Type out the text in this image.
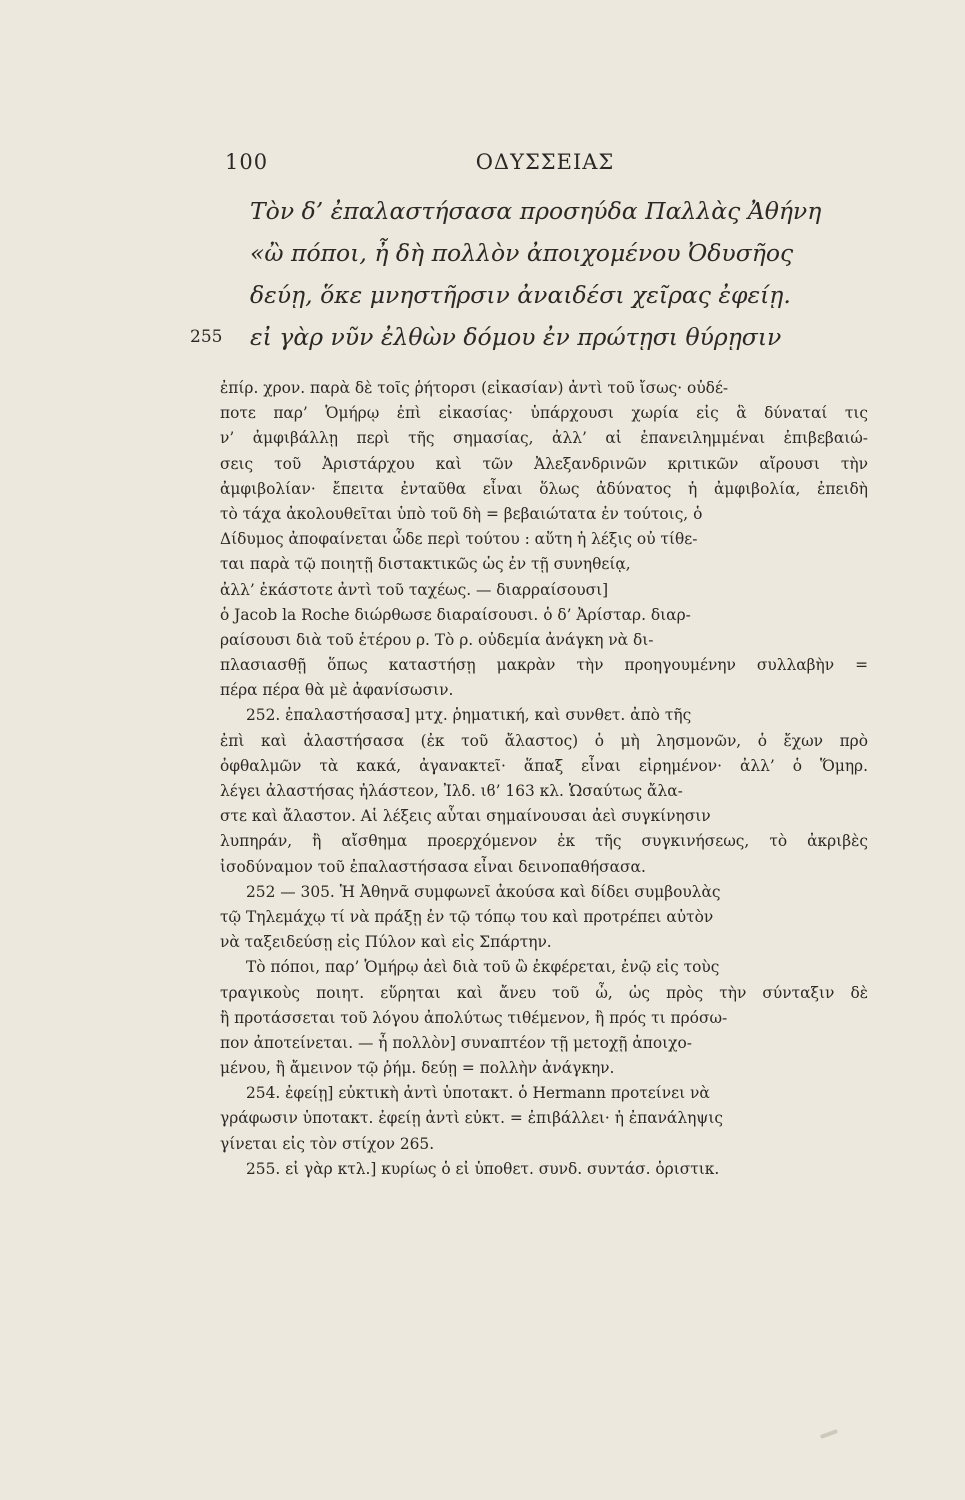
100	ΟΔΥΣΣΕΙΑΣ
Τὸν δ’ ἐπαλαστήσασα προσηύδα Παλλὰς Ἀθήνη
«ὢ πόποι, ἦ δὴ πολλὸν ἀποιχομένου Ὀδυσῆος
δεύῃ, ὅκε μνηστῆρσιν ἀναιδέσι χεῖρας ἐφείῃ.
255 εἰ γὰρ νῦν ἐλθὼν δόμου ἐν πρώτῃσι θύρῃσιν
ἐπίρ. χρον. παρὰ δὲ τοῖς ῥήτορσι (εἰκασίαν) ἀντὶ τοῦ ἴσως· οὐδέ-
ποτε παρ’ Ὁμήρῳ ἐπὶ εἰκασίας· ὑπάρχουσι χωρία εἰς ἃ δύναταί τις
ν’ ἀμφιβάλλῃ περὶ τῆς σημασίας, ἀλλ’ αἱ ἐπανειλημμέναι ἐπιβεβαιώ-
σεις τοῦ Ἀριστάρχου καὶ τῶν Ἀλεξανδρινῶν κριτικῶν αἴρουσι τὴν
ἀμφιβολίαν· ἔπειτα ἐνταῦθα εἶναι ὅλως ἀδύνατος ἡ ἀμφιβολία, ἐπειδὴ
τὸ τάχα ἀκολουθεῖται ὑπὸ τοῦ δὴ = βεβαιώτατα ἐν τούτοις, ὁ
Δίδυμος ἀποφαίνεται ὧδε περὶ τούτου : αὕτη ἡ λέξις οὐ τίθε-
ται παρὰ τῷ ποιητῇ διστακτικῶς ὡς ἐν τῇ συνηθείᾳ,
ἀλλ’ ἑκάστοτε ἀντὶ τοῦ ταχέως. — διαρραίσουσι]
ὁ Jacob la Roche διώρθωσε διαραίσουσι. ὁ δ’ Ἀρίσταρ. διαρ-
ραίσουσι διὰ τοῦ ἑτέρου ρ. Τὸ ρ. οὐδεμία ἀνάγκη νὰ δι-
πλασιασθῇ ὅπως καταστήσῃ μακρὰν τὴν προηγουμένην συλλαβὴν =
πέρα πέρα θὰ μὲ ἀφανίσωσιν.
252. ἐπαλαστήσασα] μτχ. ῥηματική, καὶ συνθετ. ἀπὸ τῆς
ἐπὶ καὶ ἀλαστήσασα (ἐκ τοῦ ἄλαστος) ὁ μὴ λησμονῶν, ὁ ἔχων πρὸ
ὀφθαλμῶν τὰ κακά, ἀγανακτεῖ· ἅπαξ εἶναι εἰρημένον· ἀλλ’ ὁ Ὅμηρ.
λέγει ἀλαστήσας ἠλάστεον, Ἰλδ. ιϐ’ 163 κλ. Ὡσαύτως ἄλα-
στε καὶ ἄλαστον. Αἱ λέξεις αὗται σημαίνουσαι ἀεὶ συγκίνησιν
λυπηράν, ἢ αἴσθημα προερχόμενον ἐκ τῆς συγκινήσεως, τὸ ἀκριβὲς
ἰσοδύναμον τοῦ ἐπαλαστήσασα εἶναι δεινοπαθήσασα.
252 — 305. Ἡ Ἀθηνᾶ συμφωνεῖ ἀκούσα καὶ δίδει συμβουλὰς
τῷ Τηλεμάχῳ τί νὰ πράξῃ ἐν τῷ τόπῳ του καὶ προτρέπει αὐτὸν
νὰ ταξειδεύσῃ εἰς Πύλον καὶ εἰς Σπάρτην.
Τὸ πόποι, παρ’ Ὁμήρῳ ἀεὶ διὰ τοῦ ὢ ἐκφέρεται, ἐνῷ εἰς τοὺς
τραγικοὺς ποιητ. εὕρηται καὶ ἄνευ τοῦ ὦ, ὡς πρὸς τὴν σύνταξιν δὲ
ἢ προτάσσεται τοῦ λόγου ἀπολύτως τιθέμενον, ἢ πρός τι πρόσω-
πον ἀποτείνεται. — ἦ πολλὸν] συναπτέον τῇ μετοχῇ ἀποιχο-
μένου, ἢ ἄμεινον τῷ ῥήμ. δεύῃ = πολλὴν ἀνάγκην.
254. ἐφείῃ] εὐκτικὴ ἀντὶ ὑποτακτ. ὁ Hermann προτείνει νὰ
γράφωσιν ὑποτακτ. ἐφείῃ ἀντὶ εὐκτ. = ἐπιβάλλει· ἡ ἐπανάληψις
γίνεται εἰς τὸν στίχον 265.
255. εἰ γὰρ κτλ.] κυρίως ὁ εἰ ὑποθετ. συνδ. συντάσ. ὁριστικ.
